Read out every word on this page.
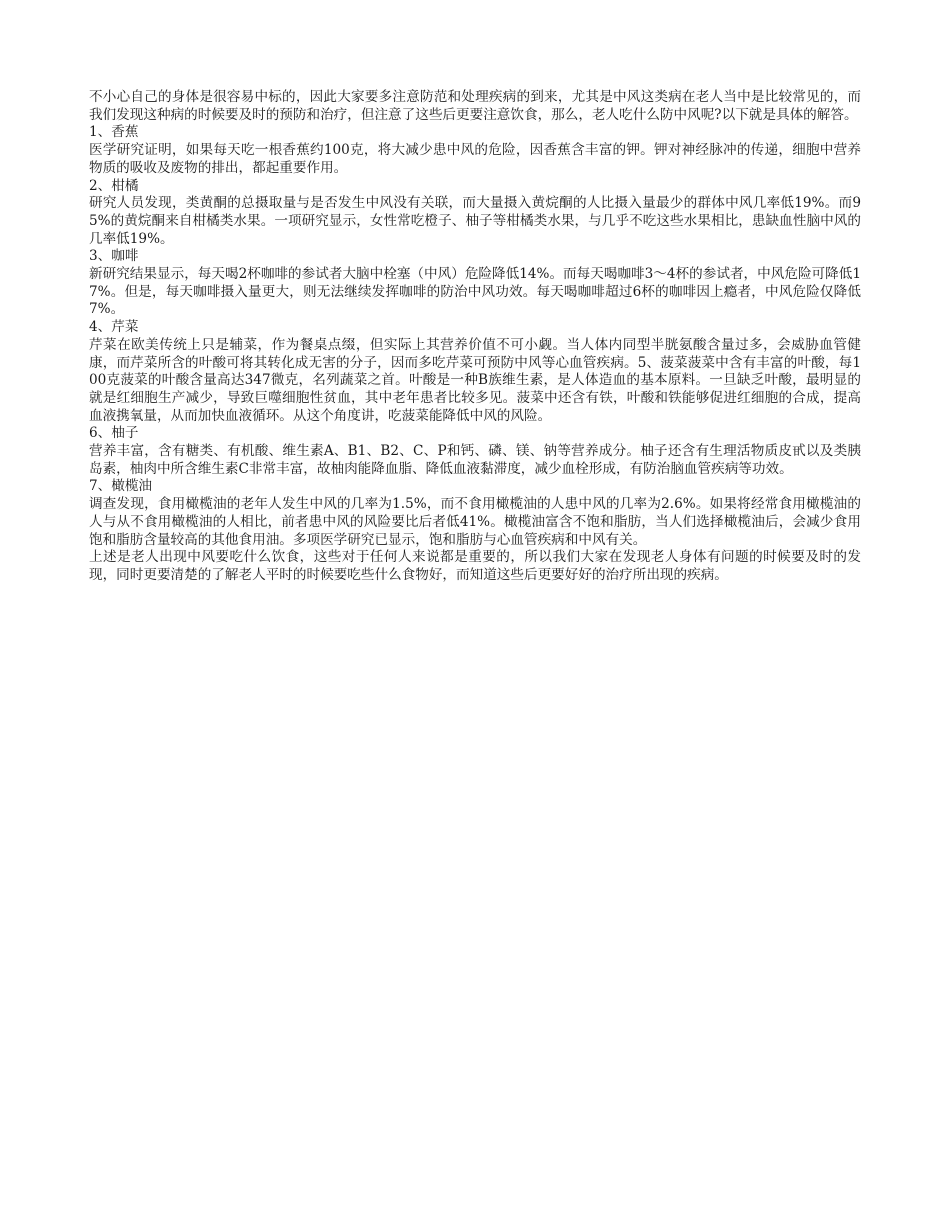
不小心自己的身体是很容易中标的，因此大家要多注意防范和处理疾病的到来，尤其是中风这类病在老人当中是比较常见的，而我们发现这种病的时候要及时的预防和治疗，但注意了这些后更要注意饮食，那么，老人吃什么防中风呢?以下就是具体的解答。

1、香蕉

医学研究证明，如果每天吃一根香蕉约100克，将大减少患中风的危险，因香蕉含丰富的钾。钾对神经脉冲的传递，细胞中营养物质的吸收及废物的排出，都起重要作用。

2、柑橘

研究人员发现，类黄酮的总摄取量与是否发生中风没有关联，而大量摄入黄烷酮的人比摄入量最少的群体中风几率低19%。而95%的黄烷酮来自柑橘类水果。一项研究显示，女性常吃橙子、柚子等柑橘类水果，与几乎不吃这些水果相比，患缺血性脑中风的几率低19%。

3、咖啡

新研究结果显示，每天喝2杯咖啡的参试者大脑中栓塞（中风）危险降低14%。而每天喝咖啡3～4杯的参试者，中风危险可降低17%。但是，每天咖啡摄入量更大，则无法继续发挥咖啡的防治中风功效。每天喝咖啡超过6杯的咖啡因上瘾者，中风危险仅降低7%。

4、芹菜

芹菜在欧美传统上只是辅菜，作为餐桌点缀，但实际上其营养价值不可小觑。当人体内同型半胱氨酸含量过多，会威胁血管健康，而芹菜所含的叶酸可将其转化成无害的分子，因而多吃芹菜可预防中风等心血管疾病。5、菠菜菠菜中含有丰富的叶酸，每100克菠菜的叶酸含量高达347微克，名列蔬菜之首。叶酸是一种B族维生素，是人体造血的基本原料。一旦缺乏叶酸，最明显的就是红细胞生产减少，导致巨噬细胞性贫血，其中老年患者比较多见。菠菜中还含有铁，叶酸和铁能够促进红细胞的合成，提高血液携氧量，从而加快血液循环。从这个角度讲，吃菠菜能降低中风的风险。

6、柚子

营养丰富，含有糖类、有机酸、维生素A、B1、B2、C、P和钙、磷、镁、钠等营养成分。柚子还含有生理活物质皮甙以及类胰岛素，柚肉中所含维生素C非常丰富，故柚肉能降血脂、降低血液黏滞度，减少血栓形成，有防治脑血管疾病等功效。

7、橄榄油

调查发现，食用橄榄油的老年人发生中风的几率为1.5%，而不食用橄榄油的人患中风的几率为2.6%。如果将经常食用橄榄油的人与从不食用橄榄油的人相比，前者患中风的风险要比后者低41%。橄榄油富含不饱和脂肪，当人们选择橄榄油后，会减少食用饱和脂肪含量较高的其他食用油。多项医学研究已显示，饱和脂肪与心血管疾病和中风有关。

上述是老人出现中风要吃什么饮食，这些对于任何人来说都是重要的，所以我们大家在发现老人身体有问题的时候要及时的发现，同时更要清楚的了解老人平时的时候要吃些什么食物好，而知道这些后更要好好的治疗所出现的疾病。
